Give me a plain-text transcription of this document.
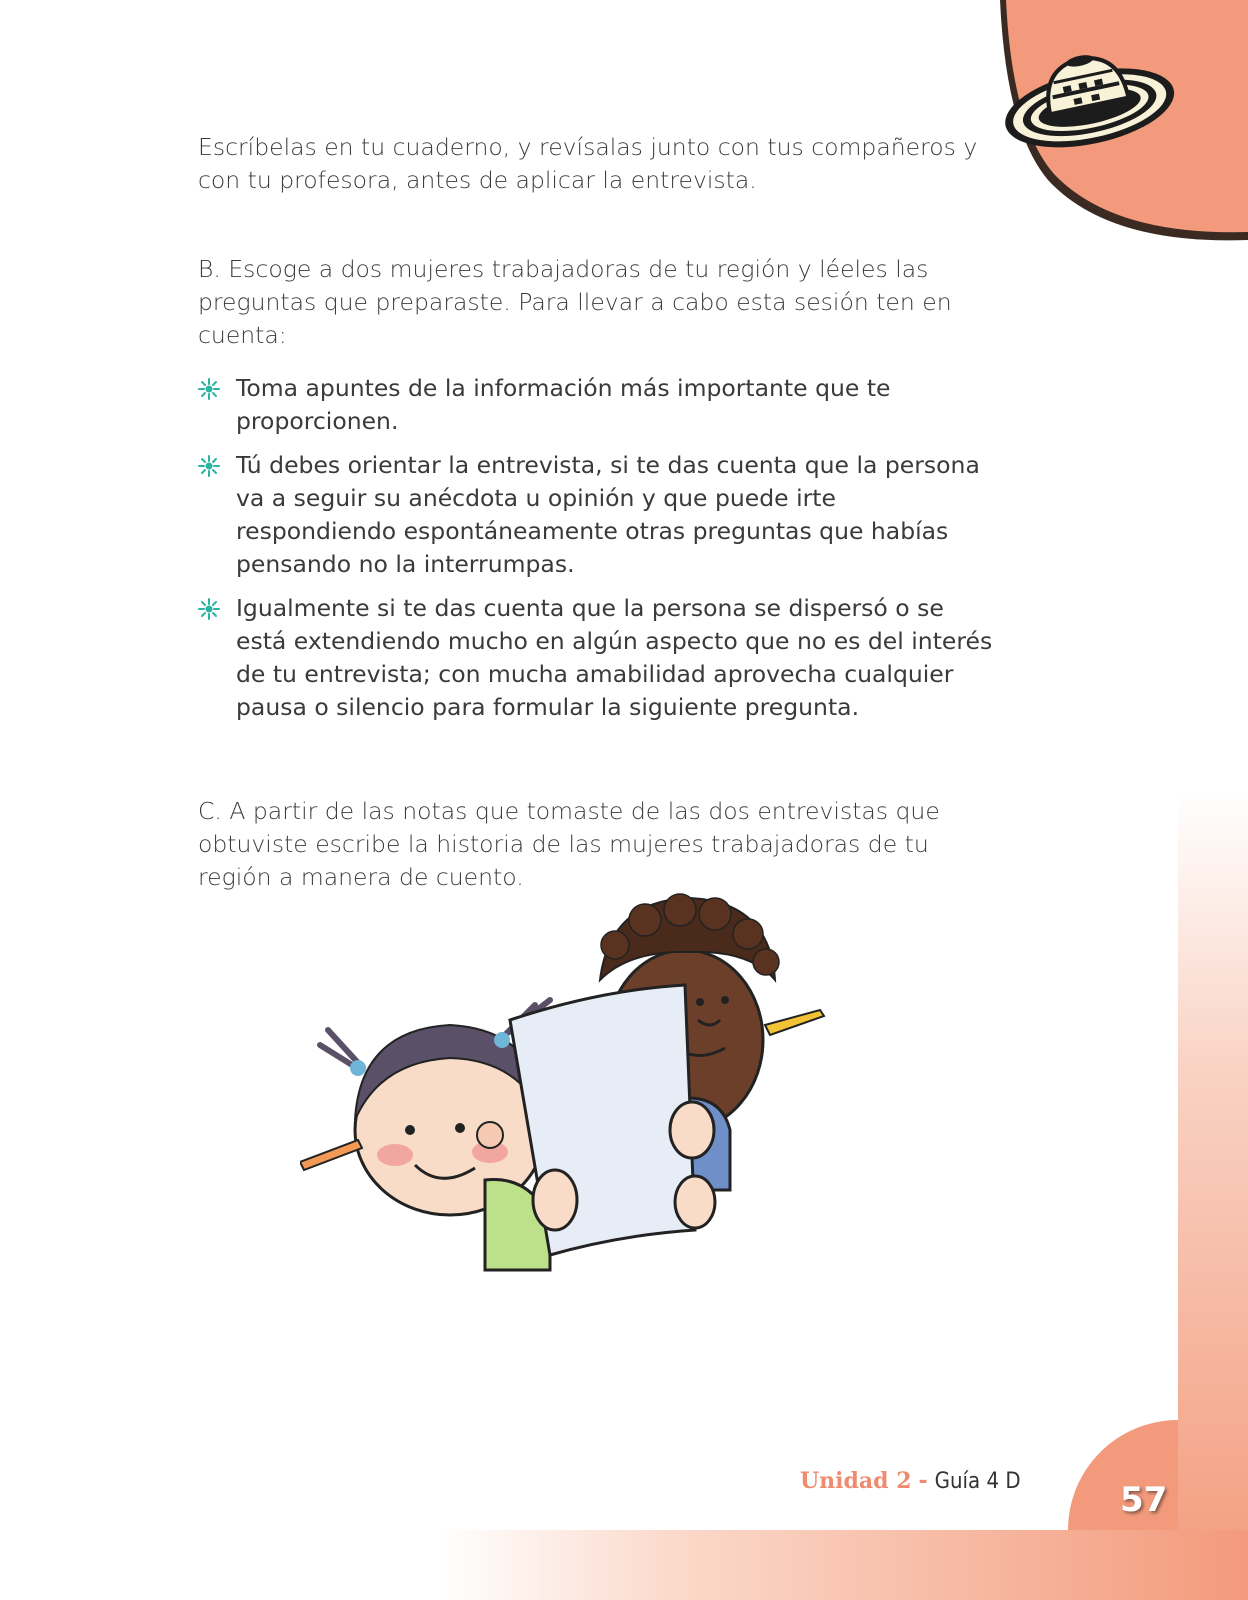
Escríbelas en tu cuaderno, y revísalas junto con tus compañeros y con tu profesora, antes de aplicar la entrevista.

B. Escoge a dos mujeres trabajadoras de tu región y léeles las preguntas que preparaste. Para llevar a cabo esta sesión ten en cuenta:

Toma apuntes de la información más importante que te proporcionen.
Tú debes orientar la entrevista, si te das cuenta que la persona va a seguir su anécdota u opinión y que puede irte respondiendo espontáneamente otras preguntas que habías pensando no la interrumpas.
Igualmente si te das cuenta que la persona se dispersó o se está extendiendo mucho en algún aspecto que no es del interés de tu entrevista; con mucha amabilidad aprovecha cualquier pausa o silencio para formular la siguiente pregunta.

C. A partir de las notas que tomaste de las dos entrevistas que obtuviste escribe la historia de las mujeres trabajadoras de tu región a manera de cuento.

Unidad 2 - Guía 4 D	57
